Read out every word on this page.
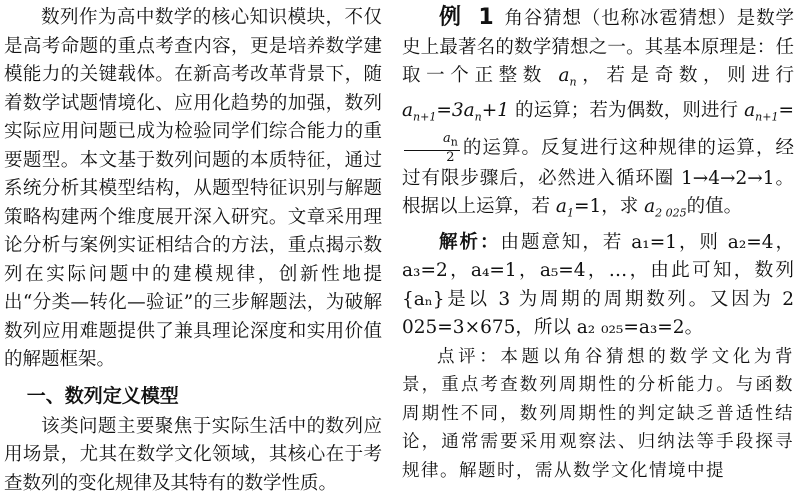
数列作为高中数学的核心知识模块，不仅是高考命题的重点考查内容，更是培养数学建模能力的关键载体。在新高考改革背景下，随着数学试题情境化、应用化趋势的加强，数列实际应用问题已成为检验同学们综合能力的重要题型。本文基于数列问题的本质特征，通过系统分析其模型结构，从题型特征识别与解题策略构建两个维度展开深入研究。文章采用理论分析与案例实证相结合的方法，重点揭示数列在实际问题中的建模规律，创新性地提出“分类—转化—验证”的三步解题法，为破解数列应用难题提供了兼具理论深度和实用价值的解题框架。

一、数列定义模型

该类问题主要聚焦于实际生活中的数列应用场景，尤其在数学文化领域，其核心在于考查数列的变化规律及其特有的数学性质。

例 1 角谷猜想（也称冰雹猜想）是数学史上最著名的数学猜想之一。其基本原理是：任取一个正整数 $a_n$，若是奇数，则进行 $a_{n+1}=3a_n+1$ 的运算；若为偶数，则进行 $a_{n+1}=$
$\frac{a_n}{2}$ 的运算。反复进行这种规律的运算，经过有限步骤后，必然进入循环圈 1→4→2→1。根据以上运算，若 $a_1=1$，求 $a_{2 025}$的值。

解析：由题意知，若 a₁=1，则 a₂=4，a₃=2，a₄=1，a₅=4，…，由此可知，数列{aₙ}是以 3 为周期的周期数列。又因为 2 025=3×675，所以 a₂ ₀₂₅=a₃=2。

点评：本题以角谷猜想的数学文化为背景，重点考查数列周期性的分析能力。与函数周期性不同，数列周期性的判定缺乏普适性结论，通常需要采用观察法、归纳法等手段探寻规律。解题时，需从数学文化情境中提
